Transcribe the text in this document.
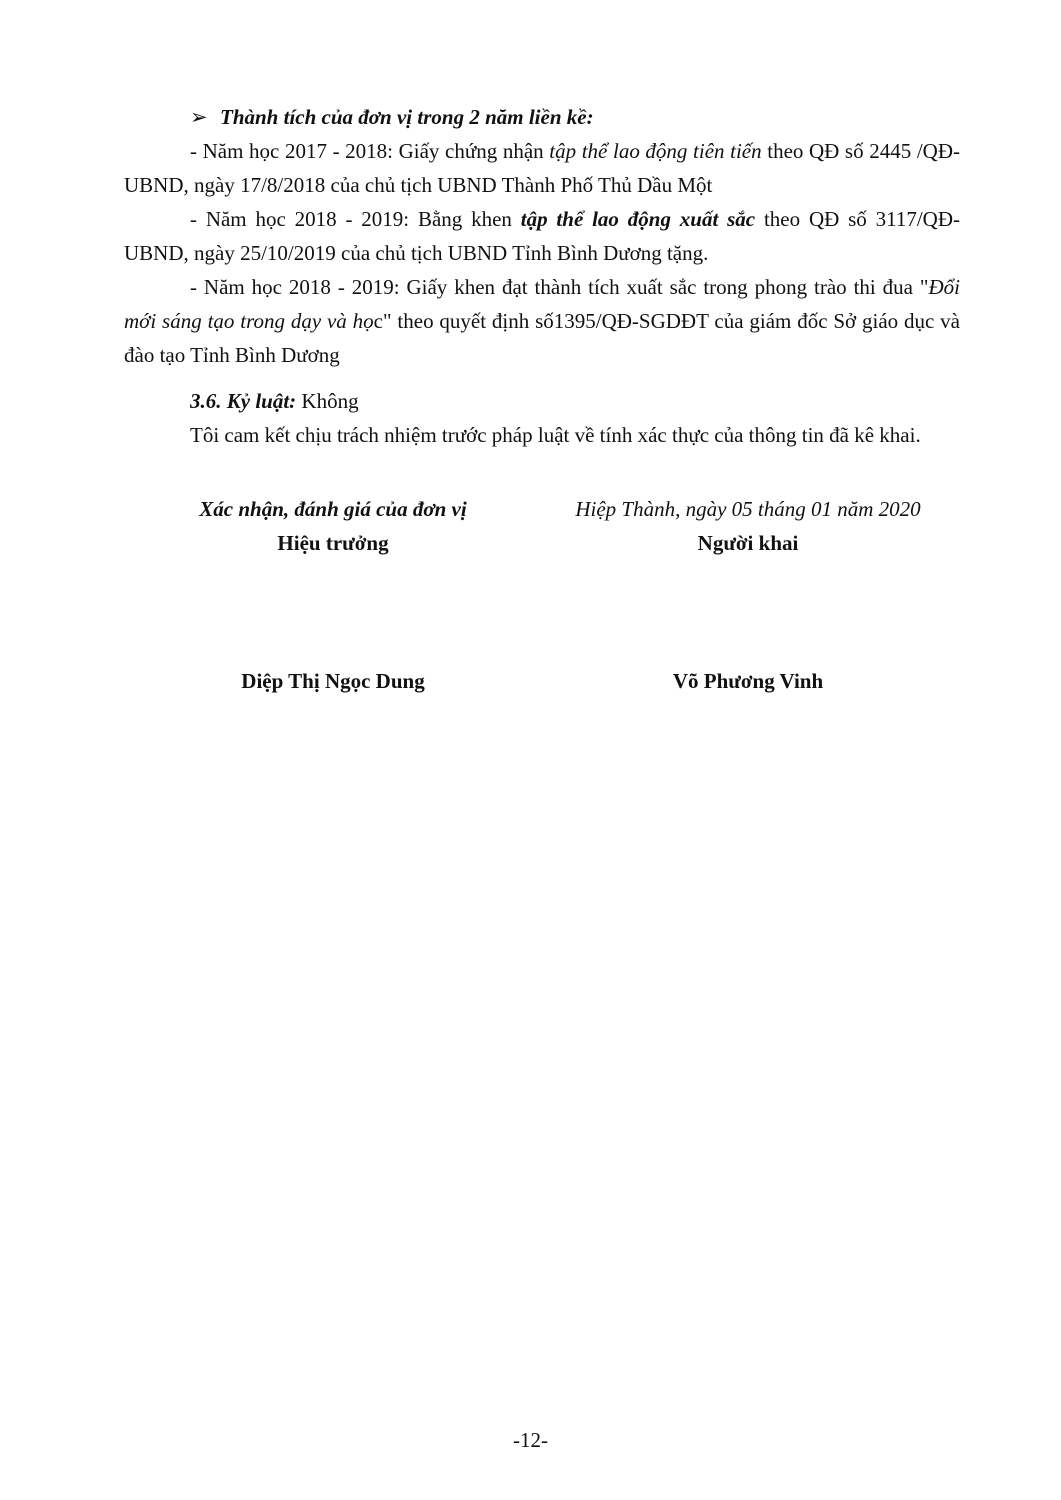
➢ Thành tích của đơn vị trong 2 năm liền kề:

- Năm học 2017 - 2018: Giấy chứng nhận tập thể lao động tiên tiến theo QĐ số 2445 /QĐ-UBND, ngày 17/8/2018 của chủ tịch UBND Thành Phố Thủ Dầu Một

- Năm học 2018 - 2019: Bằng khen tập thể lao động xuất sắc theo QĐ số 3117/QĐ-UBND, ngày 25/10/2019 của chủ tịch UBND Tỉnh Bình Dương tặng.

- Năm học 2018 - 2019: Giấy khen đạt thành tích xuất sắc trong phong trào thi đua "Đổi mới sáng tạo trong dạy và học" theo quyết định số1395/QĐ-SGDĐT của giám đốc Sở giáo dục và đào tạo Tỉnh Bình Dương

3.6. Kỷ luật: Không

Tôi cam kết chịu trách nhiệm trước pháp luật về tính xác thực của thông tin đã kê khai.

Xác nhận, đánh giá của đơn vị
Hiệu trưởng
Diệp Thị Ngọc Dung
Hiệp Thành, ngày 05 tháng 01 năm 2020
Người khai
Võ Phương Vinh
-12-
